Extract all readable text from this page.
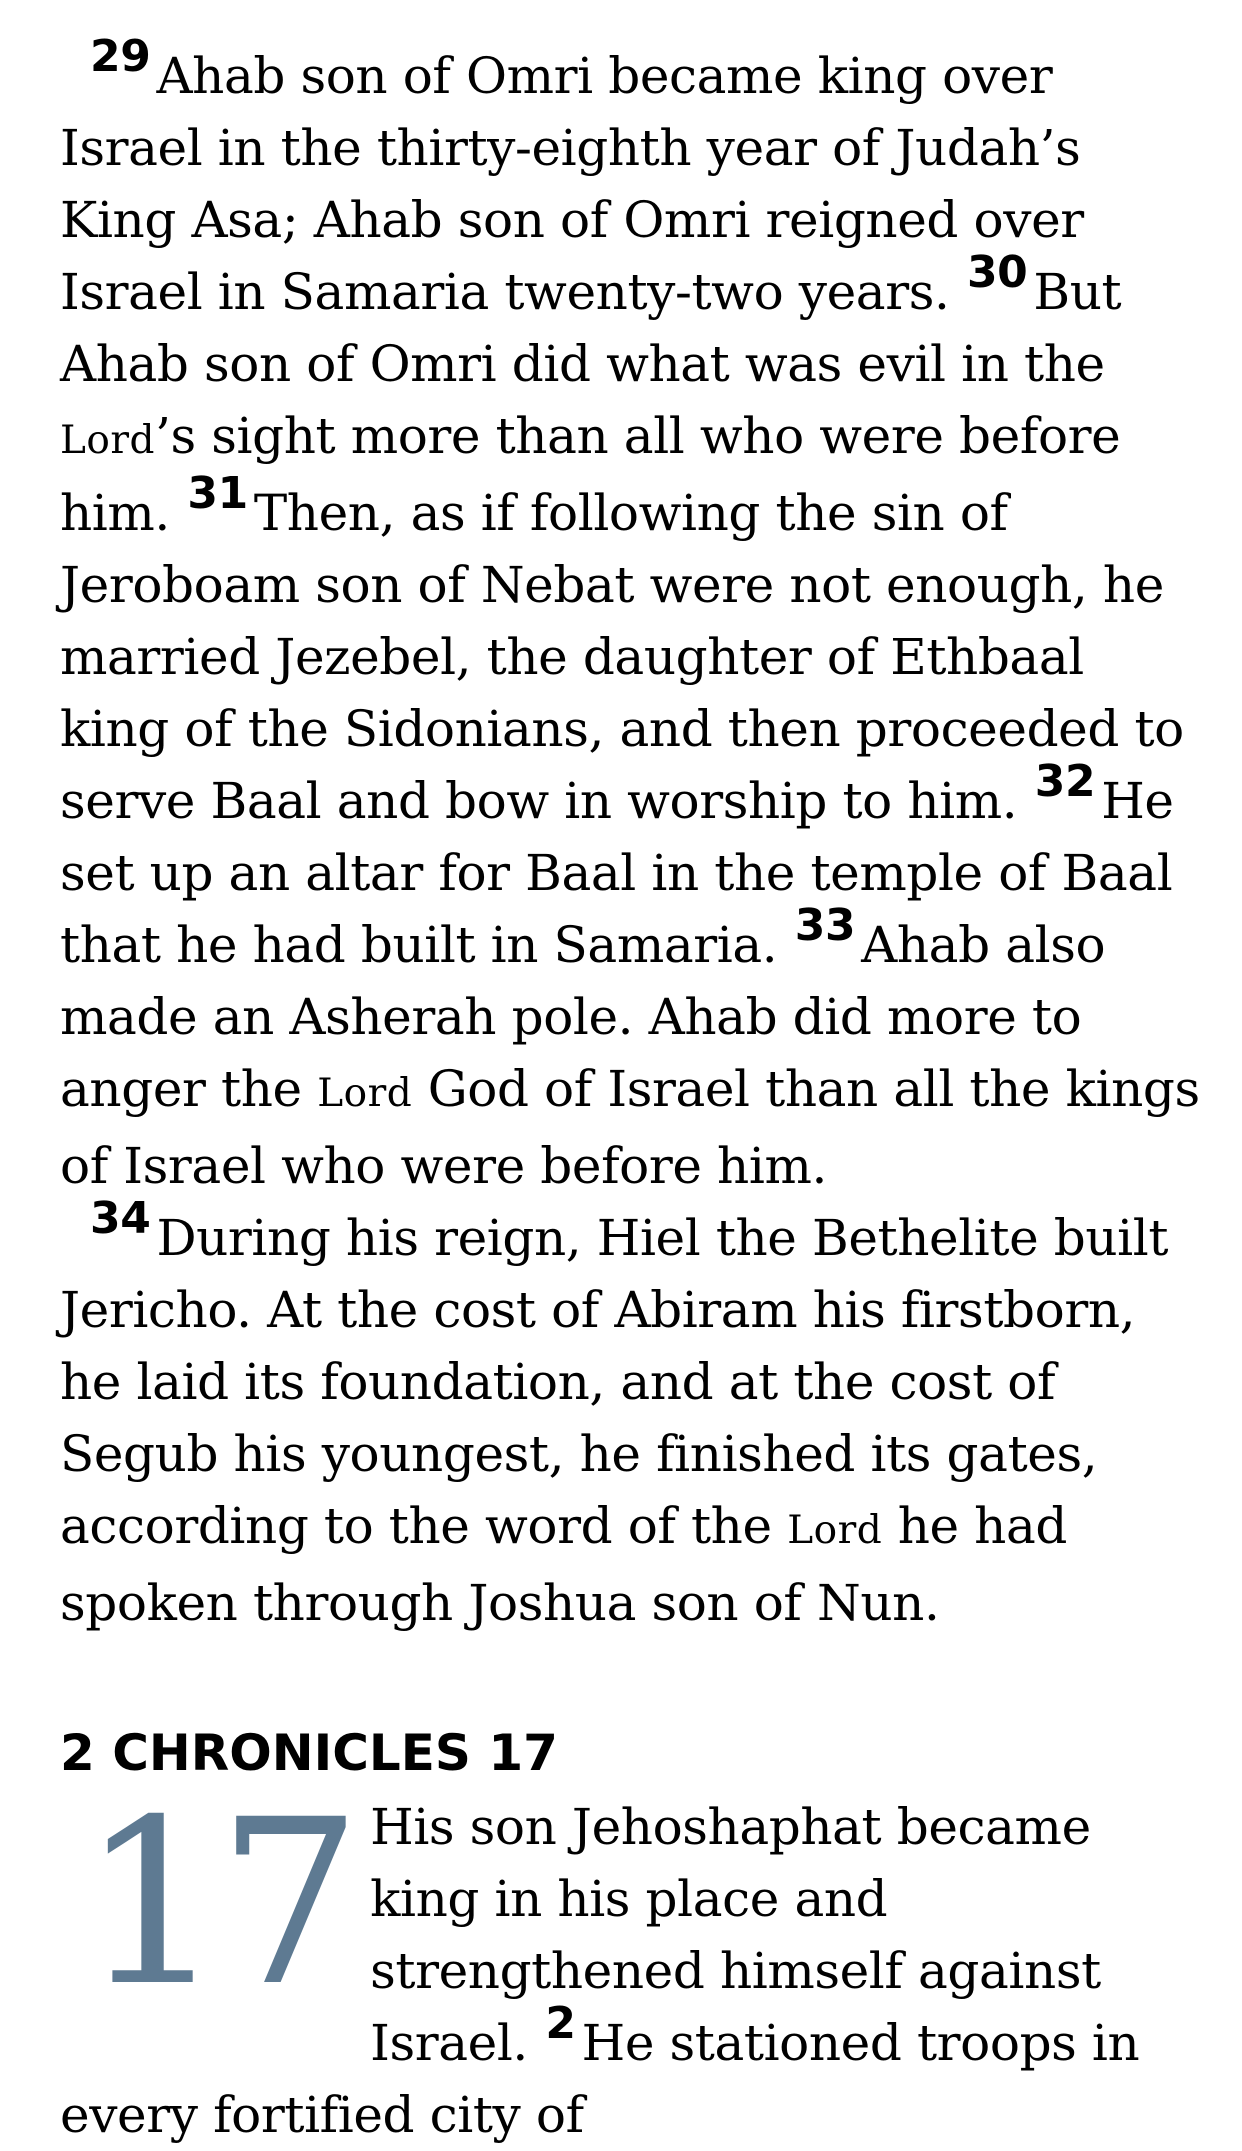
29 Ahab son of Omri became king over Israel in the thirty-eighth year of Judah’s King Asa; Ahab son of Omri reigned over Israel in Samaria twenty-two years. 30 But Ahab son of Omri did what was evil in the Lord’s sight more than all who were before him. 31 Then, as if following the sin of Jeroboam son of Nebat were not enough, he married Jezebel, the daughter of Ethbaal king of the Sidonians, and then proceeded to serve Baal and bow in worship to him. 32 He set up an altar for Baal in the temple of Baal that he had built in Samaria. 33 Ahab also made an Asherah pole. Ahab did more to anger the Lord God of Israel than all the kings of Israel who were before him.

34 During his reign, Hiel the Bethelite built Jericho. At the cost of Abiram his firstborn, he laid its foundation, and at the cost of Segub his youngest, he finished its gates, according to the word of the Lord he had spoken through Joshua son of Nun.

2 CHRONICLES 17
17 His son Jehoshaphat became king in his place and strengthened himself against Israel. 2 He stationed troops in every fortified city of
